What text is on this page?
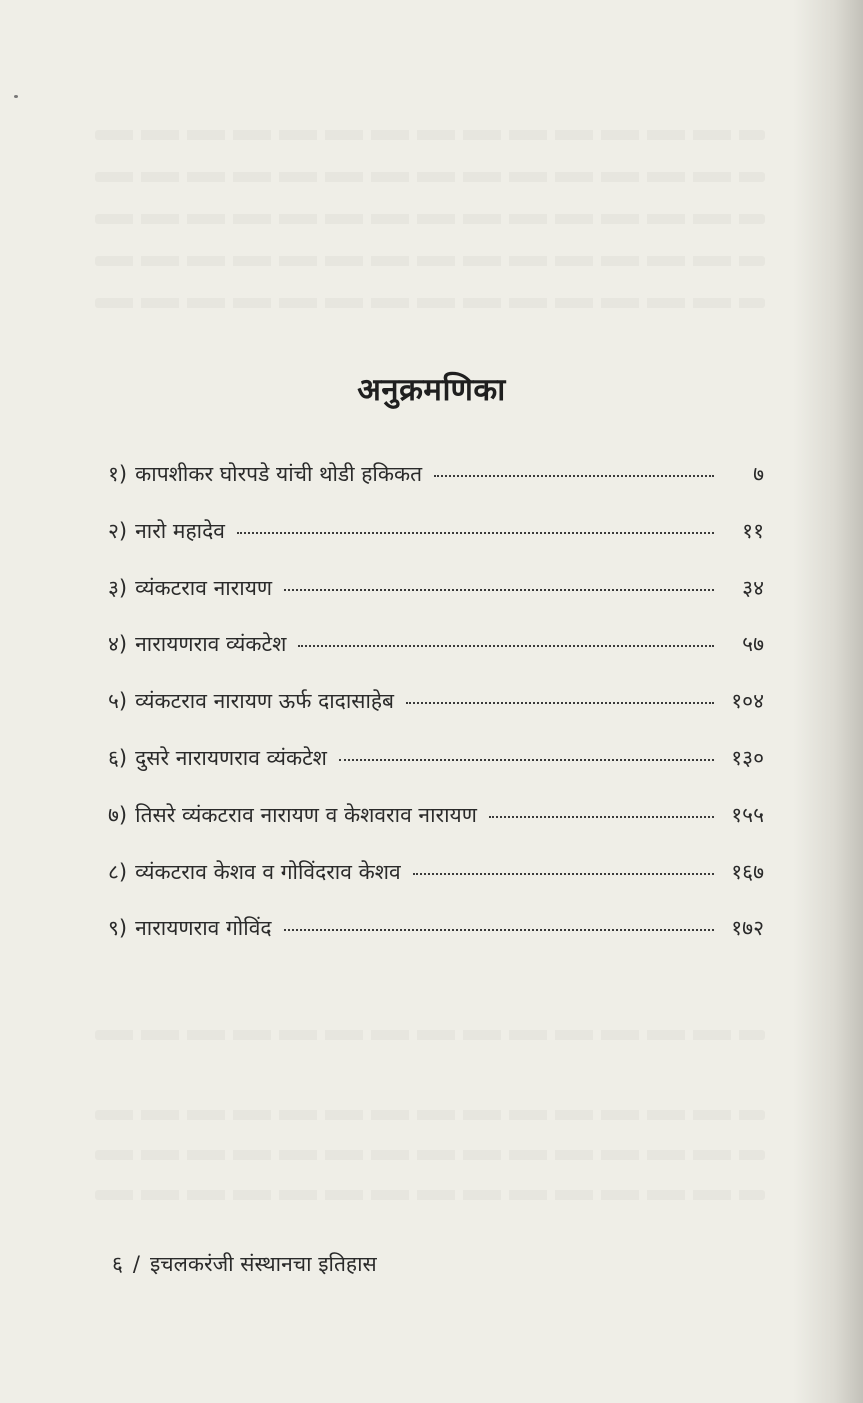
अनुक्रमणिका
१) कापशीकर घोरपडे यांची थोडी हकिकत	७
२) नारो महादेव	११
३) व्यंकटराव नारायण	३४
४) नारायणराव व्यंकटेश	५७
५) व्यंकटराव नारायण ऊर्फ दादासाहेब	१०४
६) दुसरे नारायणराव व्यंकटेश	१३०
७) तिसरे व्यंकटराव नारायण व केशवराव नारायण	१५५
८) व्यंकटराव केशव व गोविंदराव केशव	१६७
९) नारायणराव गोविंद	१७२
६ / इचलकरंजी संस्थानचा इतिहास
